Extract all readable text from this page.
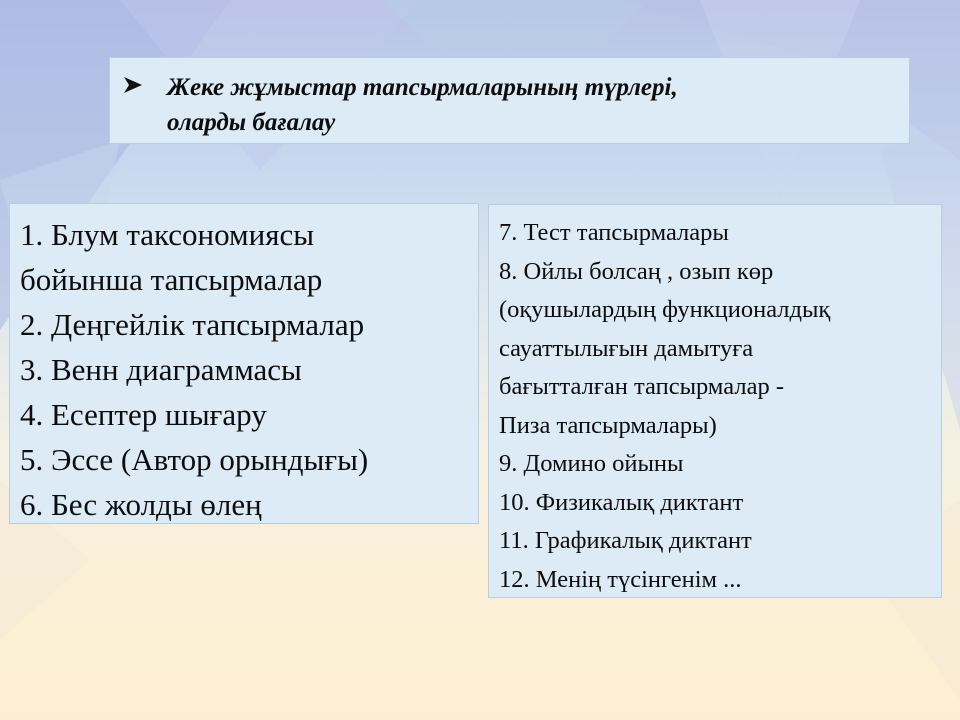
Жеке жұмыстар тапсырмаларының түрлері,
оларды бағалау
1. Блум таксономиясы
бойынша тапсырмалар
2. Деңгейлік тапсырмалар
3. Венн диаграммасы
4. Есептер шығару
5. Эссе (Автор орындығы)
6. Бес жолды өлең
7. Тест тапсырмалары
8. Ойлы болсаң , озып көр
(оқушылардың функционалдық
сауаттылығын дамытуға
бағытталған тапсырмалар -
Пиза тапсырмалары)
9. Домино ойыны
10. Физикалық диктант
11. Графикалық диктант
12. Менің түсінгенім ...
